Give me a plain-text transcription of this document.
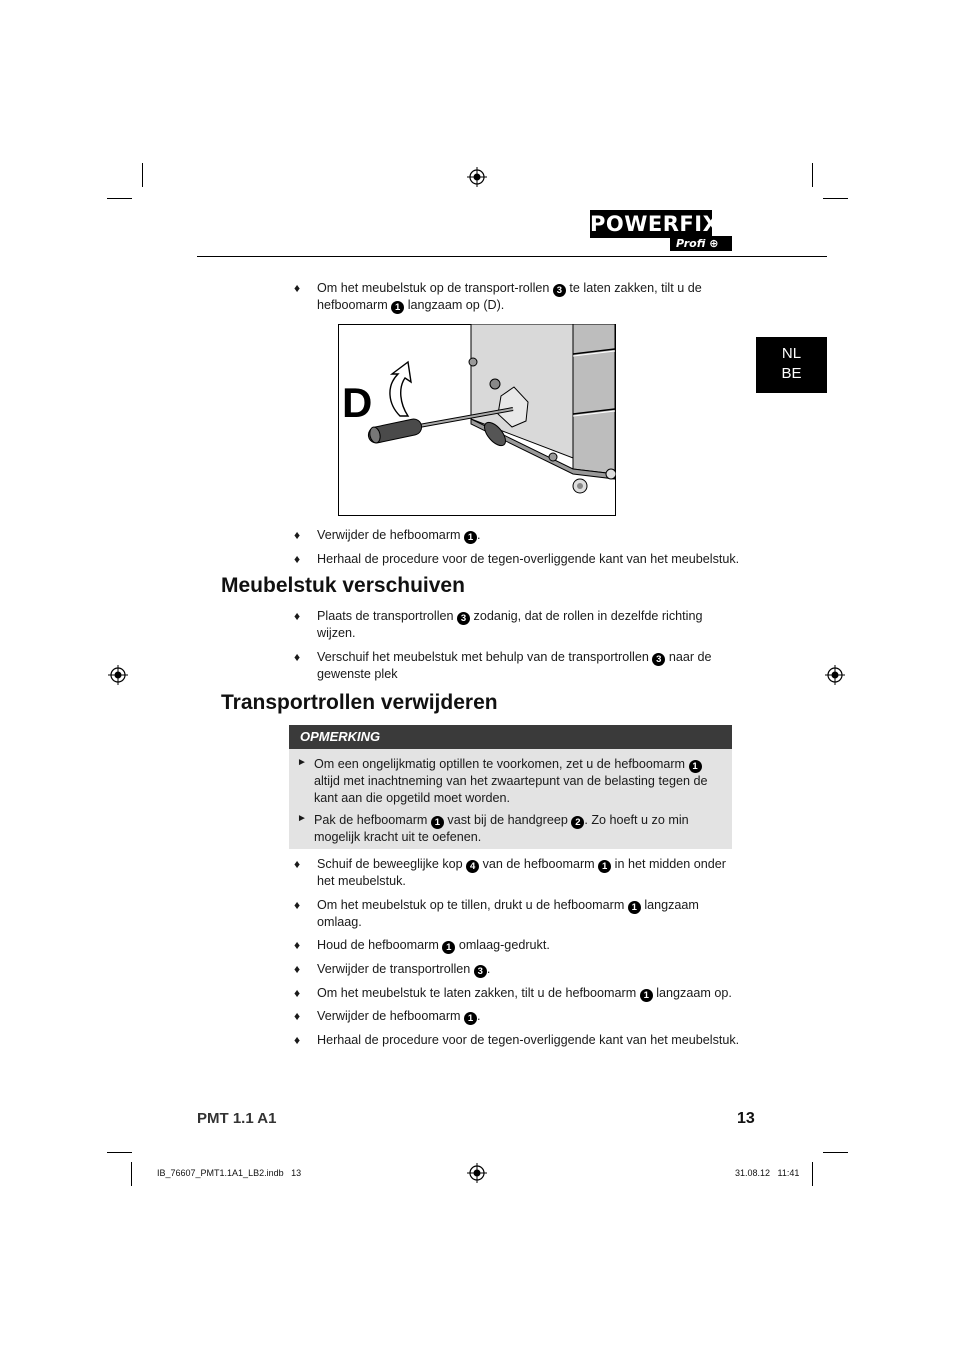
POWERFIX
Profi ⊕
NL
BE
♦ Om het meubelstuk op de transport-rollen 3 te laten zakken, tilt u de
hefboomarm 1 langzaam op (D).
D
♦ Verwijder de hefboomarm 1 .
♦ Herhaal de procedure voor de tegen-overliggende kant van het meubelstuk.
Meubelstuk verschuiven
♦ Plaats de transportrollen 3 zodanig, dat de rollen in dezelfde richting
wijzen.
♦ Verschuif het meubelstuk met behulp van de transportrollen 3 naar de
gewenste plek
Transportrollen verwijderen
OPMERKING
► Om een ongelijkmatig optillen te voorkomen, zet u de hefboomarm 1
altijd met inachtneming van het zwaartepunt van de belasting tegen de
kant aan die opgetild moet worden.
► Pak de hefboomarm 1 vast bij de handgreep 2 . Zo hoeft u zo min
mogelijk kracht uit te oefenen.
♦ Schuif de beweeglijke kop 4 van de hefboomarm 1 in het midden onder
het meubelstuk.
♦ Om het meubelstuk op te tillen, drukt u de hefboomarm 1 langzaam
omlaag.
♦ Houd de hefboomarm 1 omlaag-gedrukt.
♦ Verwijder de transportrollen 3 .
♦ Om het meubelstuk te laten zakken, tilt u de hefboomarm 1 langzaam op.
♦ Verwijder de hefboomarm 1 .
♦ Herhaal de procedure voor de tegen-overliggende kant van het meubelstuk.
PMT 1.1 A1	13
IB_76607_PMT1.1A1_LB2.indb   13	31.08.12   11:41
